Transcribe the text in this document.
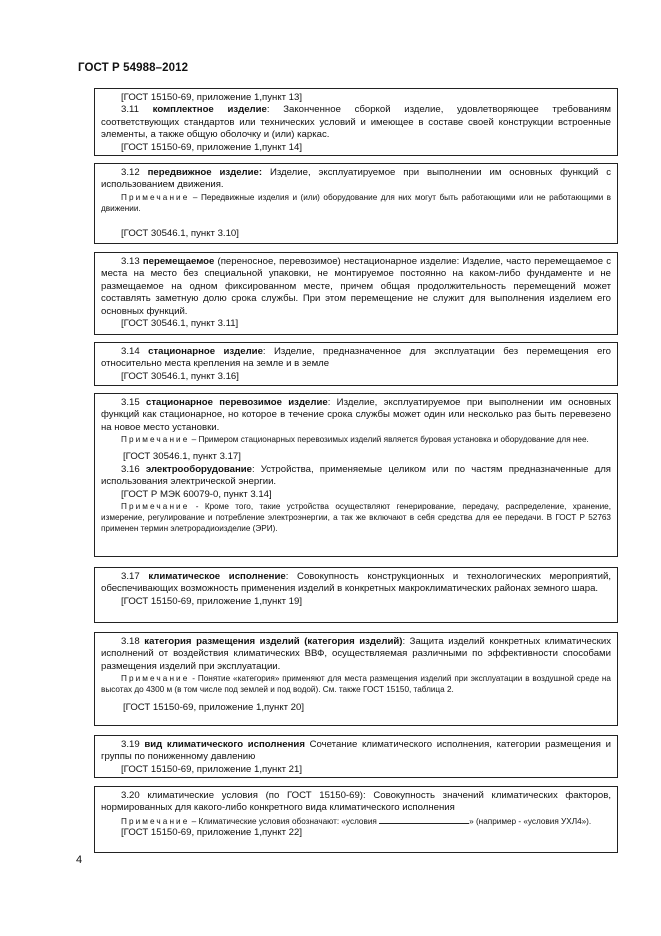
ГОСТ Р 54988–2012

[ГОСТ 15150-69, приложение 1,пункт 13]

3.11 комплектное изделие: Законченное сборкой изделие, удовлетворяющее требованиям соответствующих стандартов или технических условий и имеющее в составе своей конструкции встроенные элементы, а также общую оболочку и (или) каркас.

[ГОСТ 15150-69, приложение 1,пункт 14]

3.12 передвижное изделие: Изделие, эксплуатируемое при выполнении им основных функций с использованием движения.

Примечание – Передвижные изделия и (или) оборудование для них могут быть работающими или не работающими в движении.

[ГОСТ 30546.1, пункт 3.10]

3.13 перемещаемое (переносное, перевозимое) нестационарное изделие: Изделие, часто перемещаемое с места на место без специальной упаковки, не монтируемое постоянно на каком-либо фундаменте и не размещаемое на одном фиксированном месте, причем общая продолжительность перемещений может составлять заметную долю срока службы. При этом перемещение не служит для выполнения изделием его основных функций.

[ГОСТ 30546.1, пункт 3.11]

3.14 стационарное изделие: Изделие, предназначенное для эксплуатации без перемещения его относительно места крепления на земле и в земле

[ГОСТ 30546.1, пункт 3.16]

3.15 стационарное перевозимое изделие: Изделие, эксплуатируемое при выполнении им основных функций как стационарное, но которое в течение срока службы может один или несколько раз быть перевезено на новое место установки.

Примечание – Примером стационарных перевозимых изделий является буровая установка и оборудование для нее.

[ГОСТ 30546.1, пункт 3.17]

3.16 электрооборудование: Устройства, применяемые целиком или по частям предназначенные для использования электрической энергии.

[ГОСТ Р МЭК 60079-0, пункт 3.14]

Примечание - Кроме того, такие устройства осуществляют генерирование, передачу, распределение, хранение, измерение, регулирование и потребление электроэнергии, а так же включают в себя средства для ее передачи. В ГОСТ Р 52763 применен термин элетрорадиоизделие (ЭРИ).

3.17 климатическое исполнение: Совокупность конструкционных и технологических мероприятий, обеспечивающих возможность применения изделий в конкретных макроклиматических районах земного шара.

[ГОСТ 15150-69, приложение 1,пункт 19]

3.18 категория размещения изделий (категория изделий): Защита изделий конкретных климатических исполнений от воздействия климатических ВВФ, осуществляемая различными по эффективности способами размещения изделий при эксплуатации.

Примечание - Понятие «категория» применяют для места размещения изделий при эксплуатации в воздушной среде на высотах до 4300 м (в том числе под землей и под водой). См. также ГОСТ 15150, таблица 2.

[ГОСТ 15150-69, приложение 1,пункт 20]

3.19 вид климатического исполнения Сочетание климатического исполнения, категории размещения и группы по пониженному давлению

[ГОСТ 15150-69, приложение 1,пункт 21]

3.20 климатические условия (по ГОСТ 15150-69): Совокупность значений климатических факторов, нормированных для какого-либо конкретного вида климатического исполнения

Примечание – Климатические условия обозначают: «условия	» (например - «условия УХЛ4»).

[ГОСТ 15150-69, приложение 1,пункт 22]

4
